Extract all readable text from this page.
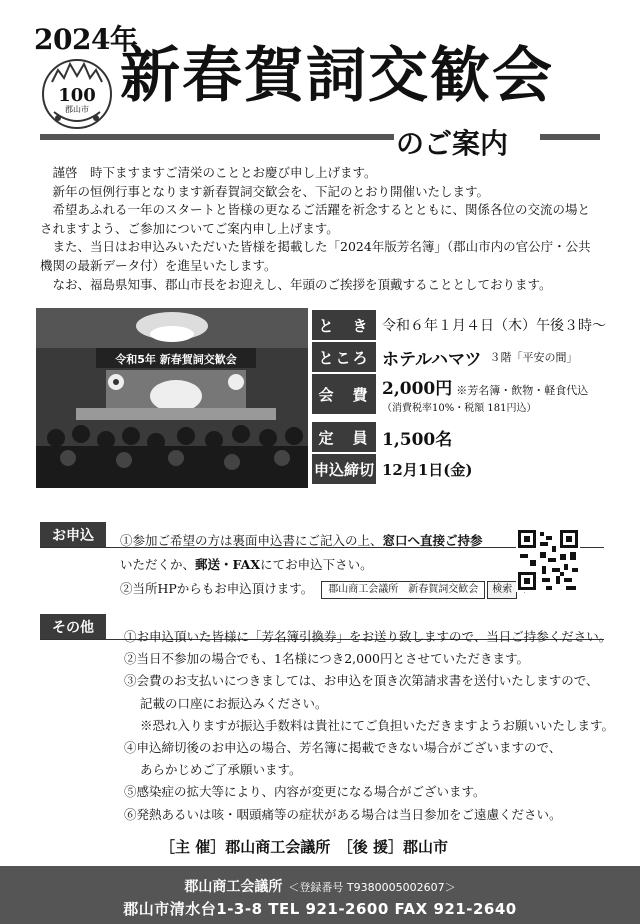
2024年
100
郡山市 新春賀詞交歓会
のご案内

謹啓　時下ますますご清栄のこととお慶び申し上げます。

新年の恒例行事となります新春賀詞交歓会を、下記のとおり開催いたします。

希望あふれる一年のスタートと皆様の更なるご活躍を祈念するとともに、関係各位の交流の場と

されますよう、ご参加についてご案内申し上げます。

また、当日はお申込みいただいた皆様を掲載した「2024年版芳名簿」（郡山市内の官公庁・公共

機関の最新データ付）を進呈いたします。

なお、福島県知事、郡山市長をお迎えし、年頭のご挨拶を頂戴することとしております。

令和5年 新春賀詞交歓会
と　き 令和６年１月４日（木）午後３時～
ところ ホテルハマツ ３階「平安の間」
会　費 2,000円 ※芳名簿・飲物・軽食代込
（消費税率10%・税額 181円込）
定　員 1,500名
申込締切 12月1日(金)
お申込	①参加ご希望の方は裏面申込書にご記入の上、窓口へ直接ご持参
いただくか、郵送・FAXにてお申込下さい。
②当所HPからもお申込頂けます。 郡山商工会議所　新春賀詞交歓会 検索
その他
①お申込頂いた皆様に「芳名簿引換券」をお送り致しますので、当日ご持参ください。
②当日不参加の場合でも、1名様につき2,000円とさせていただきます。
③会費のお支払いにつきましては、お申込を頂き次第請求書を送付いたしますので、
記載の口座にお振込みください。
※恐れ入りますが振込手数料は貴社にてご負担いただきますようお願いいたします。
④申込締切後のお申込の場合、芳名簿に掲載できない場合がございますので、
あらかじめご了承願います。
⑤感染症の拡大等により、内容が変更になる場合がございます。
⑥発熱あるいは咳・咽頭痛等の症状がある場合は当日参加をご遠慮ください。
［主 催］郡山商工会議所　［後 援］郡山市
郡山商工会議所 ＜登録番号 T9380005002607＞
郡山市清水台1-3-8 TEL 921-2600 FAX 921-2640
